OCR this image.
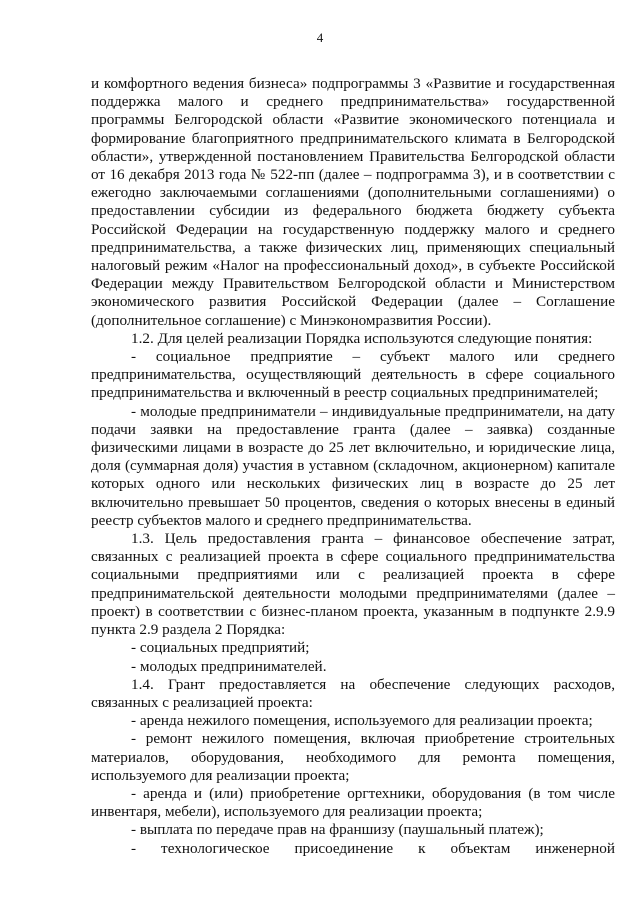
4

и комфортного ведения бизнеса» подпрограммы 3 «Развитие и государственная поддержка малого и среднего предпринимательства» государственной программы Белгородской области «Развитие экономического потенциала и формирование благоприятного предпринимательского климата в Белгородской области», утвержденной постановлением Правительства Белгородской области от 16 декабря 2013 года № 522-пп (далее – подпрограмма 3), и в соответствии с ежегодно заключаемыми соглашениями (дополнительными соглашениями) о предоставлении субсидии из федерального бюджета бюджету субъекта Российской Федерации на государственную поддержку малого и среднего предпринимательства, а также физических лиц, применяющих специальный налоговый режим «Налог на профессиональный доход», в субъекте Российской Федерации между Правительством Белгородской области и Министерством экономического развития Российской Федерации (далее – Соглашение (дополнительное соглашение) с Минэкономразвития России).

1.2. Для целей реализации Порядка используются следующие понятия:

- социальное предприятие – субъект малого или среднего предпринимательства, осуществляющий деятельность в сфере социального предпринимательства и включенный в реестр социальных предпринимателей;

- молодые предприниматели – индивидуальные предприниматели, на дату подачи заявки на предоставление гранта (далее – заявка) созданные физическими лицами в возрасте до 25 лет включительно, и юридические лица, доля (суммарная доля) участия в уставном (складочном, акционерном) капитале которых одного или нескольких физических лиц в возрасте до 25 лет включительно превышает 50 процентов, сведения о которых внесены в единый реестр субъектов малого и среднего предпринимательства.

1.3. Цель предоставления гранта – финансовое обеспечение затрат, связанных с реализацией проекта в сфере социального предпринимательства социальными предприятиями или с реализацией проекта в сфере предпринимательской деятельности молодыми предпринимателями (далее – проект) в соответствии с бизнес-планом проекта, указанным в подпункте 2.9.9 пункта 2.9 раздела 2 Порядка:

- социальных предприятий;

- молодых предпринимателей.

1.4. Грант предоставляется на обеспечение следующих расходов, связанных с реализацией проекта:

- аренда нежилого помещения, используемого для реализации проекта;

- ремонт нежилого помещения, включая приобретение строительных материалов, оборудования, необходимого для ремонта помещения, используемого для реализации проекта;

- аренда и (или) приобретение оргтехники, оборудования (в том числе инвентаря, мебели), используемого для реализации проекта;

- выплата по передаче прав на франшизу (паушальный платеж);

- технологическое присоединение к объектам инженерной
